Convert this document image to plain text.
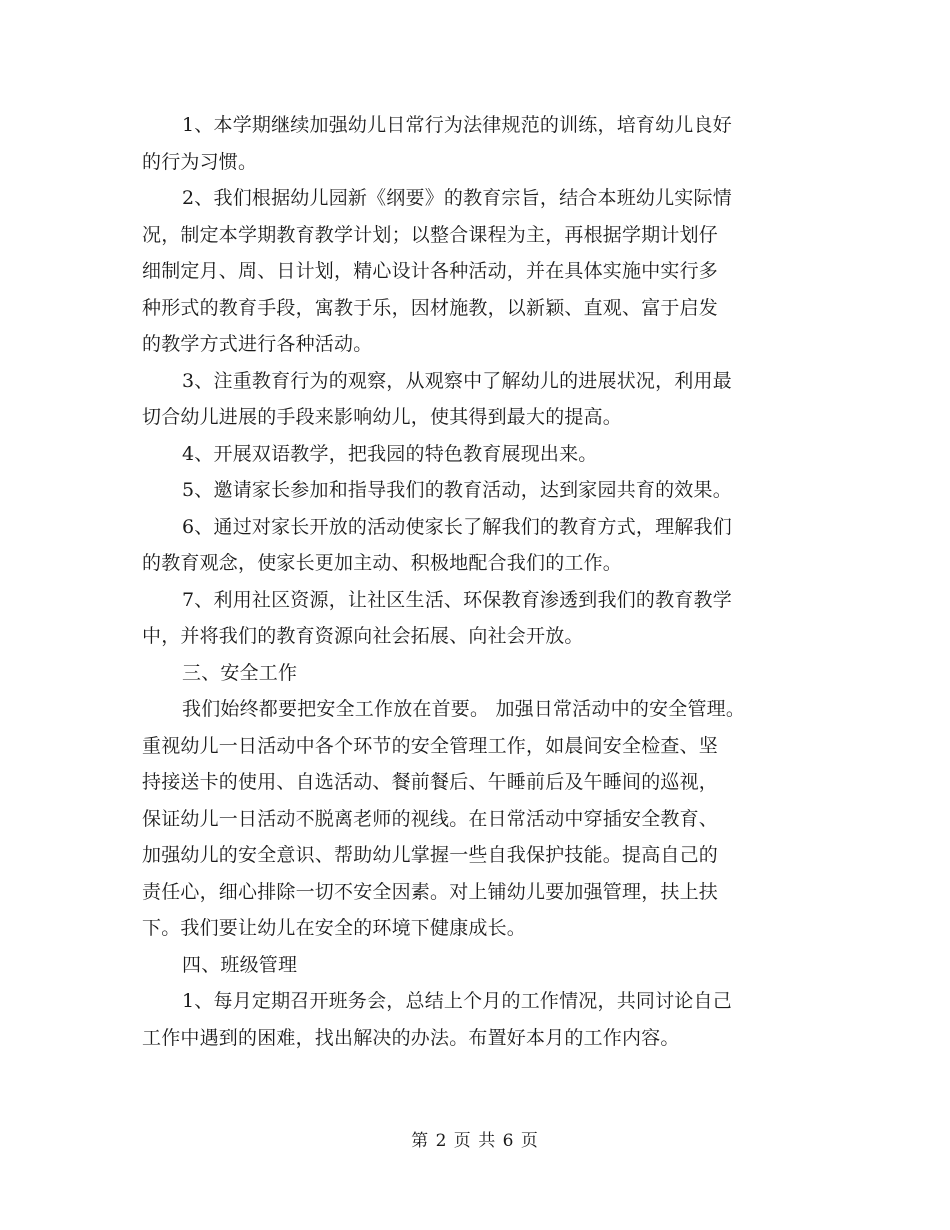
1、本学期继续加强幼儿日常行为法律规范的训练，培育幼儿良好
的行为习惯。
2、我们根据幼儿园新《纲要》的教育宗旨，结合本班幼儿实际情
况，制定本学期教育教学计划；以整合课程为主，再根据学期计划仔
细制定月、周、日计划，精心设计各种活动，并在具体实施中实行多
种形式的教育手段，寓教于乐，因材施教，以新颖、直观、富于启发
的教学方式进行各种活动。
3、注重教育行为的观察，从观察中了解幼儿的进展状况，利用最
切合幼儿进展的手段来影响幼儿，使其得到最大的提高。
4、开展双语教学，把我园的特色教育展现出来。
5、邀请家长参加和指导我们的教育活动，达到家园共育的效果。
6、通过对家长开放的活动使家长了解我们的教育方式，理解我们
的教育观念，使家长更加主动、积极地配合我们的工作。
7、利用社区资源，让社区生活、环保教育渗透到我们的教育教学
中，并将我们的教育资源向社会拓展、向社会开放。
三、安全工作
我们始终都要把安全工作放在首要。 加强日常活动中的安全管理。
重视幼儿一日活动中各个环节的安全管理工作，如晨间安全检查、坚
持接送卡的使用、自选活动、餐前餐后、午睡前后及午睡间的巡视，
保证幼儿一日活动不脱离老师的视线。在日常活动中穿插安全教育、
加强幼儿的安全意识、帮助幼儿掌握一些自我保护技能。提高自己的
责任心，细心排除一切不安全因素。对上铺幼儿要加强管理，扶上扶
下。我们要让幼儿在安全的环境下健康成长。
四、班级管理
1、每月定期召开班务会，总结上个月的工作情况，共同讨论自己
工作中遇到的困难，找出解决的办法。布置好本月的工作内容。
第 2 页 共 6 页
